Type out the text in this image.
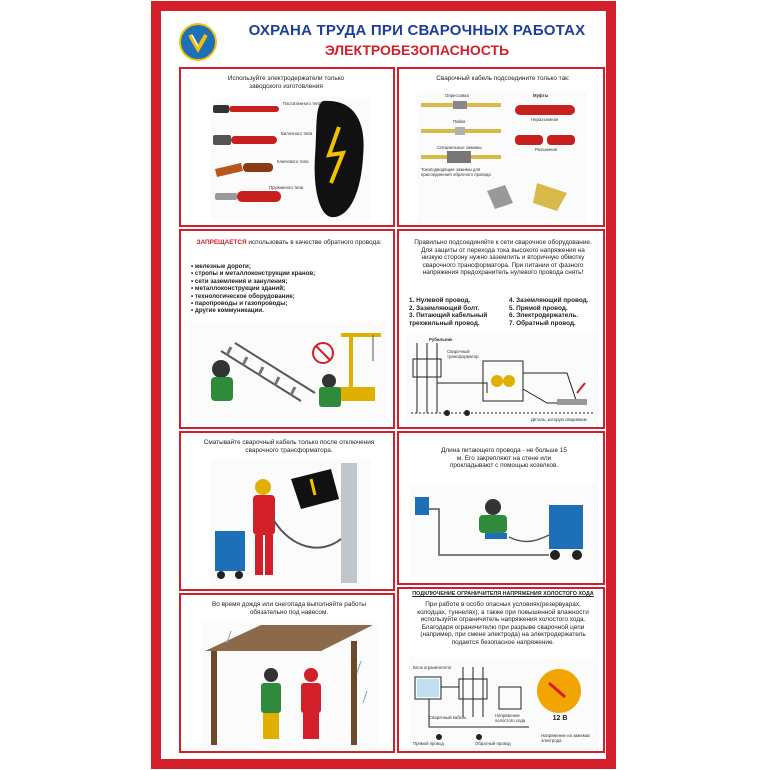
ОХРАНА ТРУДА ПРИ СВАРОЧНЫХ РАБОТАХ
ЭЛЕКТРОБЕЗОПАСНОСТЬ
Используйте электродержатели только заводского изготовления
Пассатижного типа
Вилочного типа
Ключевого типа
Пружинного типа
Сварочный кабель подсоедините только так:
Опрессовка
Пайка
Специальные зажимы
Токоподводящие зажимы для присоединения обратного провода
Муфты
Неразъемная
Разъемная
ЗАПРЕЩАЕТСЯ использовать в качестве обратного провода:
• железные дороги;
• стропы и металлоконструкции кранов;
• сети заземления и зануления;
• металлоконструкции зданий;
• технологическое оборудование;
• паропроводы и газопроводы;
• другие коммуникации.
Правильно подсоединяйте к сети сварочное оборудование. Для защиты от перехода тока высокого напряжения на низкую сторону нужно заземлить и вторичную обмотку сварочного трансформатора. При питании от фазного напряжения предохранитель нулевого провода снять!
1. Нулевой провод.
2. Заземляющий болт.
3. Питающий кабельный трехжильный провод.
4. Заземляющий провод.
5. Прямой провод.
6. Электродержатель.
7. Обратный провод.
Рубильник
Сварочный трансформатор
Деталь, которую свариваем
Сматывайте сварочный кабель только после отключения сварочного трансформатора.	Длина питающего провода - не больше 15 м. Его закрепляют на стене или прокладывают с помощью козелков.
Во время дождя или снегопада выполняйте работы обязательно под навесом.
ПОДКЛЮЧЕНИЕ ОГРАНИЧИТЕЛЯ НАПРЯЖЕНИЯ ХОЛОСТОГО ХОДА
При работе в особо опасных условиях(резервуарах, колодцах, туннелях), а также при повышенной влажности используйте ограничитель напряжения холостого хода. Благодаря ограничителю при разрыве сварочной цепи (например, при смене электрода) на электродержатель подается безопасное напряжение.
Блок ограничителя
Сварочный кабель
Прямой провод	Обратный провод
Напряжение холостого хода
Напряжение на зажимах электрода
12 В
